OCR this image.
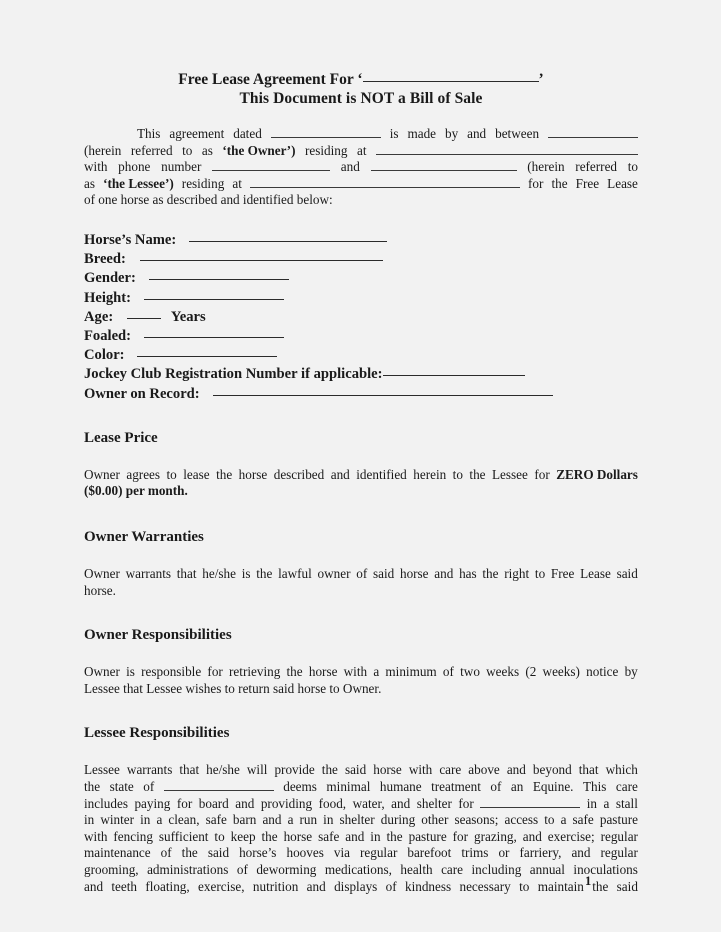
Free Lease Agreement For ‘	’
This Document is NOT a Bill of Sale
This agreement dated	is made by and between
(herein referred to as ‘the Owner’) residing at
with phone number	and	(herein referred to
as ‘the Lessee’) residing at	for the Free Lease
of one horse as described and identified below:
Horse’s Name:
Breed:
Gender:
Height:
Age:	Years
Foaled:
Color:
Jockey Club Registration Number if applicable:
Owner on Record:
Lease Price
Owner agrees to lease the horse described and identified herein to the Lessee for ZERO Dollars
($0.00) per month.
Owner Warranties
Owner warrants that he/she is the lawful owner of said horse and has the right to Free Lease said
horse.
Owner Responsibilities
Owner is responsible for retrieving the horse with a minimum of two weeks (2 weeks) notice by
Lessee that Lessee wishes to return said horse to Owner.
Lessee Responsibilities
Lessee warrants that he/she will provide the said horse with care above and beyond that which
the state of	deems minimal humane treatment of an Equine. This care
includes paying for board and providing food, water, and shelter for	in a stall
in winter in a clean, safe barn and a run in shelter during other seasons; access to a safe pasture
with fencing sufficient to keep the horse safe and in the pasture for grazing, and exercise; regular
maintenance of the said horse’s hooves via regular barefoot trims or farriery, and regular
grooming, administrations of deworming medications, health care including annual inoculations
and teeth floating, exercise, nutrition and displays of kindness necessary to maintain the said
1
